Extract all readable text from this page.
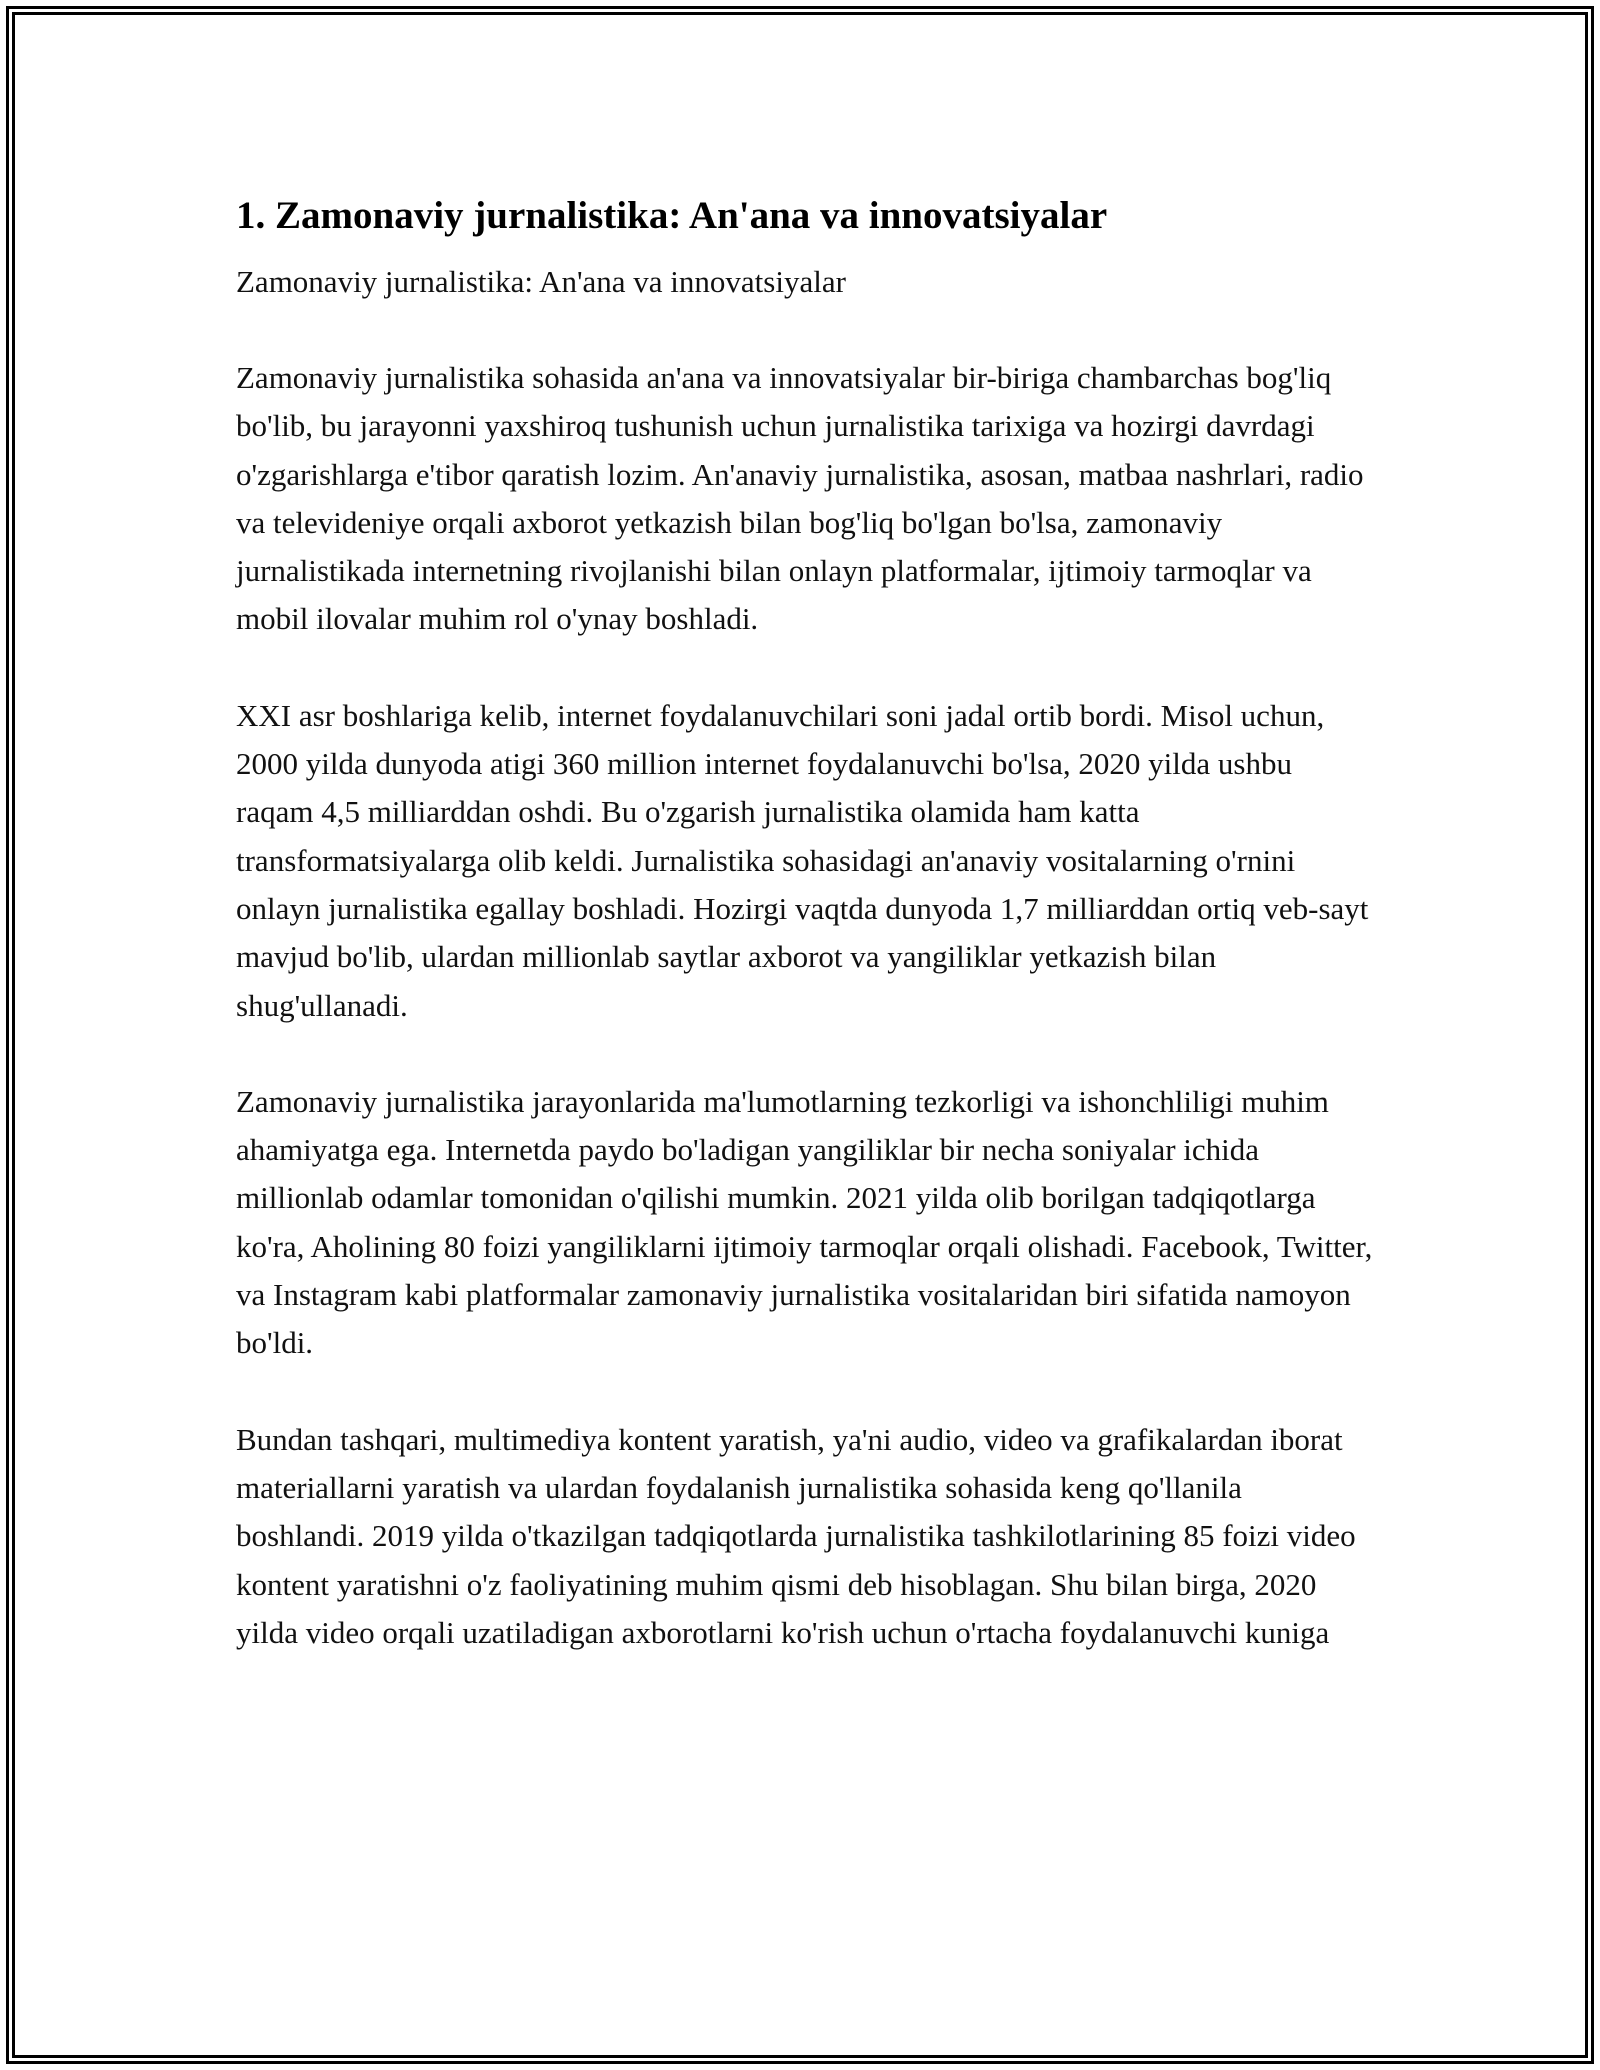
1. Zamonaviy jurnalistika: An'ana va innovatsiyalar

Zamonaviy jurnalistika: An'ana va innovatsiyalar

Zamonaviy jurnalistika sohasida an'ana va innovatsiyalar bir-biriga chambarchas bog'liq bo'lib, bu jarayonni yaxshiroq tushunish uchun jurnalistika tarixiga va hozirgi davrdagi o'zgarishlarga e'tibor qaratish lozim. An'anaviy jurnalistika, asosan, matbaa nashrlari, radio va televideniye orqali axborot yetkazish bilan bog'liq bo'lgan bo'lsa, zamonaviy jurnalistikada internetning rivojlanishi bilan onlayn platformalar, ijtimoiy tarmoqlar va mobil ilovalar muhim rol o'ynay boshladi.

XXI asr boshlariga kelib, internet foydalanuvchilari soni jadal ortib bordi. Misol uchun, 2000 yilda dunyoda atigi 360 million internet foydalanuvchi bo'lsa, 2020 yilda ushbu raqam 4,5 milliarddan oshdi. Bu o'zgarish jurnalistika olamida ham katta transformatsiyalarga olib keldi. Jurnalistika sohasidagi an'anaviy vositalarning o'rnini onlayn jurnalistika egallay boshladi. Hozirgi vaqtda dunyoda 1,7 milliarddan ortiq veb-sayt mavjud bo'lib, ulardan millionlab saytlar axborot va yangiliklar yetkazish bilan shug'ullanadi.

Zamonaviy jurnalistika jarayonlarida ma'lumotlarning tezkorligi va ishonchliligi muhim ahamiyatga ega. Internetda paydo bo'ladigan yangiliklar bir necha soniyalar ichida millionlab odamlar tomonidan o'qilishi mumkin. 2021 yilda olib borilgan tadqiqotlarga ko'ra, Aholining 80 foizi yangiliklarni ijtimoiy tarmoqlar orqali olishadi. Facebook, Twitter, va Instagram kabi platformalar zamonaviy jurnalistika vositalaridan biri sifatida namoyon bo'ldi.

Bundan tashqari, multimediya kontent yaratish, ya'ni audio, video va grafikalardan iborat materiallarni yaratish va ulardan foydalanish jurnalistika sohasida keng qo'llanila boshlandi. 2019 yilda o'tkazilgan tadqiqotlarda jurnalistika tashkilotlarining 85 foizi video kontent yaratishni o'z faoliyatining muhim qismi deb hisoblagan. Shu bilan birga, 2020 yilda video orqali uzatiladigan axborotlarni ko'rish uchun o'rtacha foydalanuvchi kuniga
